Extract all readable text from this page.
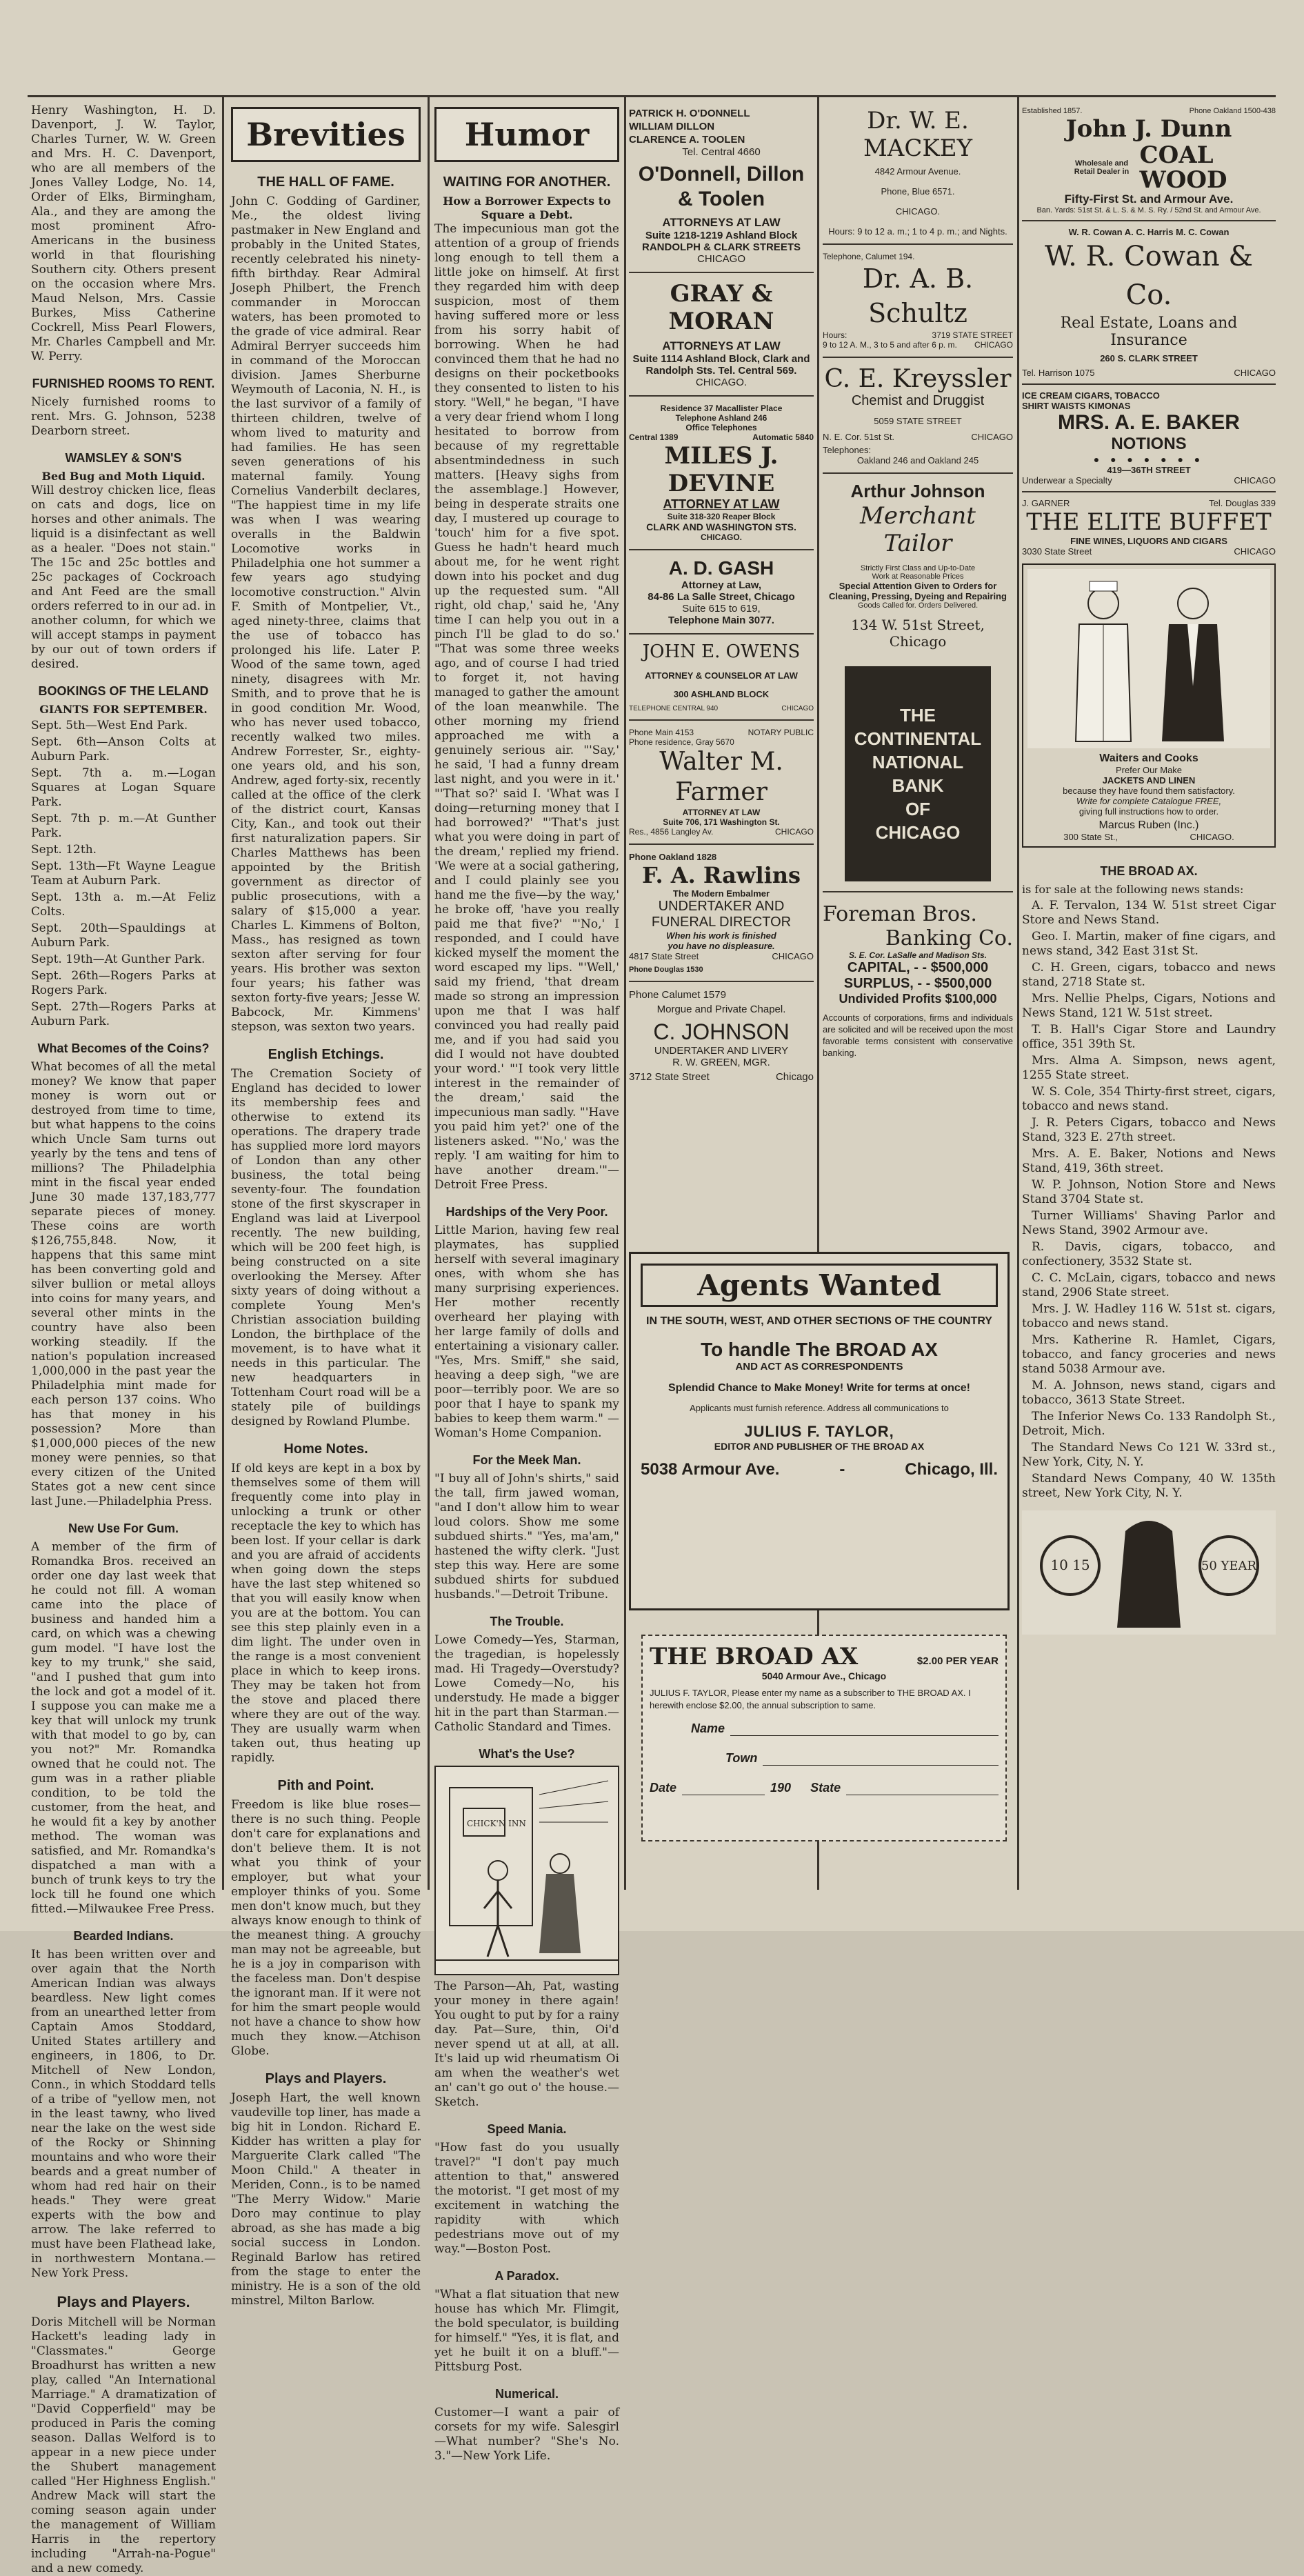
Henry Washington, H. D. Davenport, J. W. Taylor, Charles Turner, W. W. Green and Mrs. H. C. Davenport, who are all members of the Jones Valley Lodge, No. 14, Order of Elks, Birmingham, Ala., and they are among the most prominent Afro-Americans in the business world in that flourishing Southern city. Others present on the occasion where Mrs. Maud Nelson, Mrs. Cassie Burkes, Miss Catherine Cockrell, Miss Pearl Flowers, Mr. Charles Campbell and Mr. W. Perry.

FURNISHED ROOMS TO RENT.

Nicely furnished rooms to rent. Mrs. G. Johnson, 5238 Dearborn street.

WAMSLEY & SON'S
Bed Bug and Moth Liquid.

Will destroy chicken lice, fleas on cats and dogs, lice on horses and other animals. The liquid is a disinfectant as well as a healer. "Does not stain." The 15c and 25c bottles and 25c packages of Cockroach and Ant Feed are the small orders referred to in our ad. in another column, for which we will accept stamps in payment by our out of town orders if desired.

BOOKINGS OF THE LELAND
GIANTS FOR SEPTEMBER.
Sept. 5th—West End Park.
Sept. 6th—Anson Colts at Auburn Park.
Sept. 7th a. m.—Logan Squares at Logan Square Park.
Sept. 7th p. m.—At Gunther Park.
Sept. 12th.
Sept. 13th—Ft Wayne League Team at Auburn Park.
Sept. 13th a. m.—At Feliz Colts.
Sept. 20th—Spauldings at Auburn Park.
Sept. 19th—At Gunther Park.
Sept. 26th—Rogers Parks at Rogers Park.
Sept. 27th—Rogers Parks at Auburn Park.
What Becomes of the Coins?

What becomes of all the metal money? We know that paper money is worn out or destroyed from time to time, but what happens to the coins which Uncle Sam turns out yearly by the tens and tens of millions? The Philadelphia mint in the fiscal year ended June 30 made 137,183,777 separate pieces of money. These coins are worth $126,755,848. Now, it happens that this same mint has been converting gold and silver bullion or metal alloys into coins for many years, and several other mints in the country have also been working steadily. If the nation's population increased 1,000,000 in the past year the Philadelphia mint made for each person 137 coins. Who has that money in his possession? More than $1,000,000 pieces of the new money were pennies, so that every citizen of the United States got a new cent since last June.—Philadelphia Press.

New Use For Gum.

A member of the firm of Romandka Bros. received an order one day last week that he could not fill. A woman came into the place of business and handed him a card, on which was a chewing gum model. "I have lost the key to my trunk," she said, "and I pushed that gum into the lock and got a model of it. I suppose you can make me a key that will unlock my trunk with that model to go by, can you not?" Mr. Romandka owned that he could not. The gum was in a rather pliable condition, to be told the customer, from the heat, and he would fit a key by another method. The woman was satisfied, and Mr. Romandka's dispatched a man with a bunch of trunk keys to try the lock till he found one which fitted.—Milwaukee Free Press.

Bearded Indians.

It has been written over and over again that the North American Indian was always beardless. New light comes from an unearthed letter from Captain Amos Stoddard, United States artillery and engineers, in 1806, to Dr. Mitchell of New London, Conn., in which Stoddard tells of a tribe of "yellow men, not in the least tawny, who lived near the lake on the west side of the Rocky or Shinning mountains and who wore their beards and a great number of whom had red hair on their heads." They were great experts with the bow and arrow. The lake referred to must have been Flathead lake, in northwestern Montana.—New York Press.

Plays and Players.

Doris Mitchell will be Norman Hackett's leading lady in "Classmates." George Broadhurst has written a new play, called "An International Marriage." A dramatization of "David Copperfield" may be produced in Paris the coming season. Dallas Welford is to appear in a new piece under the Shubert management called "Her Highness English." Andrew Mack will start the coming season again under the management of William Harris in the repertory including "Arrah-na-Pogue" and a new comedy.

Brevities
THE HALL OF FAME.

John C. Godding of Gardiner, Me., the oldest living pastmaker in New England and probably in the United States, recently celebrated his ninety-fifth birthday. Rear Admiral Joseph Philbert, the French commander in Moroccan waters, has been promoted to the grade of vice admiral. Rear Admiral Berryer succeeds him in command of the Moroccan division. James Sherburne Weymouth of Laconia, N. H., is the last survivor of a family of thirteen children, twelve of whom lived to maturity and had families. He has seen seven generations of his maternal family. Young Cornelius Vanderbilt declares, "The happiest time in my life was when I was wearing overalls in the Baldwin Locomotive works in Philadelphia one hot summer a few years ago studying locomotive construction." Alvin F. Smith of Montpelier, Vt., aged ninety-three, claims that the use of tobacco has prolonged his life. Later P. Wood of the same town, aged ninety, disagrees with Mr. Smith, and to prove that he is in good condition Mr. Wood, who has never used tobacco, recently walked two miles. Andrew Forrester, Sr., eighty-one years old, and his son, Andrew, aged forty-six, recently called at the office of the clerk of the district court, Kansas City, Kan., and took out their first naturalization papers. Sir Charles Matthews has been appointed by the British government as director of public prosecutions, with a salary of $15,000 a year. Charles L. Kimmens of Bolton, Mass., has resigned as town sexton after serving for four years. His brother was sexton four years; his father was sexton forty-five years; Jesse W. Babcock, Mr. Kimmens' stepson, was sexton two years.

English Etchings.

The Cremation Society of England has decided to lower its membership fees and otherwise to extend its operations. The drapery trade has supplied more lord mayors of London than any other business, the total being seventy-four. The foundation stone of the first skyscraper in England was laid at Liverpool recently. The new building, which will be 200 feet high, is being constructed on a site overlooking the Mersey. After sixty years of doing without a complete Young Men's Christian association building London, the birthplace of the movement, is to have what it needs in this particular. The new headquarters in Tottenham Court road will be a stately pile of buildings designed by Rowland Plumbe.

Home Notes.

If old keys are kept in a box by themselves some of them will frequently come into play in unlocking a trunk or other receptacle the key to which has been lost. If your cellar is dark and you are afraid of accidents when going down the steps have the last step whitened so that you will easily know when you are at the bottom. You can see this step plainly even in a dim light. The under oven in the range is a most convenient place in which to keep irons. They may be taken hot from the stove and placed there where they are out of the way. They are usually warm when taken out, thus heating up rapidly.

Pith and Point.

Freedom is like blue roses—there is no such thing. People don't care for explanations and don't believe them. It is not what you think of your employer, but what your employer thinks of you. Some men don't know much, but they always know enough to think of the meanest thing. A grouchy man may not be agreeable, but he is a joy in comparison with the faceless man. Don't despise the ignorant man. If it were not for him the smart people would not have a chance to show how much they know.—Atchison Globe.

Plays and Players.

Joseph Hart, the well known vaudeville top liner, has made a big hit in London. Richard E. Kidder has written a play for Marguerite Clark called "The Moon Child." A theater in Meriden, Conn., is to be named "The Merry Widow." Marie Doro may continue to play abroad, as she has made a big social success in London. Reginald Barlow has retired from the stage to enter the ministry. He is a son of the old minstrel, Milton Barlow.

Humor
WAITING FOR ANOTHER.
How a Borrower Expects to Square a Debt.

The impecunious man got the attention of a group of friends long enough to tell them a little joke on himself. At first they regarded him with deep suspicion, most of them having suffered more or less from his sorry habit of borrowing. When he had convinced them that he had no designs on their pocketbooks they consented to listen to his story. "Well," he began, "I have a very dear friend whom I long hesitated to borrow from because of my regrettable absentmindedness in such matters. [Heavy sighs from the assemblage.] However, being in desperate straits one day, I mustered up courage to 'touch' him for a five spot. Guess he hadn't heard much about me, for he went right down into his pocket and dug up the requested sum. "All right, old chap,' said he, 'Any time I can help you out in a pinch I'll be glad to do so.' "That was some three weeks ago, and of course I had tried to forget it, not having managed to gather the amount of the loan meanwhile. The other morning my friend approached me with a genuinely serious air. "'Say,' he said, 'I had a funny dream last night, and you were in it.' "'That so?' said I. 'What was I doing—returning money that I had borrowed?' "'That's just what you were doing in part of the dream,' replied my friend. 'We were at a social gathering, and I could plainly see you hand me the five—by the way,' he broke off, 'have you really paid me that five?' "'No,' I responded, and I could have kicked myself the moment the word escaped my lips. "'Well,' said my friend, 'that dream made so strong an impression upon me that I was half convinced you had really paid me, and if you had said you did I would not have doubted your word.' "'I took very little interest in the remainder of the dream,' said the impecunious man sadly. "'Have you paid him yet?' one of the listeners asked. "'No,' was the reply. 'I am waiting for him to have another dream.'"—Detroit Free Press.

Hardships of the Very Poor.

Little Marion, having few real playmates, has supplied herself with several imaginary ones, with whom she has many surprising experiences. Her mother recently overheard her playing with her large family of dolls and entertaining a visionary caller. "Yes, Mrs. Smiff," she said, heaving a deep sigh, "we are poor—terribly poor. We are so poor that I haye to spank my babies to keep them warm." —Woman's Home Companion.

For the Meek Man.

"I buy all of John's shirts," said the tall, firm jawed woman, "and I don't allow him to wear loud colors. Show me some subdued shirts." "Yes, ma'am," hastened the wifty clerk. "Just step this way. Here are some subdued shirts for subdued husbands."—Detroit Tribune.

The Trouble.

Lowe Comedy—Yes, Starman, the tragedian, is hopelessly mad. Hi Tragedy—Overstudy? Lowe Comedy—No, his understudy. He made a bigger hit in the part than Starman.—Catholic Standard and Times.

What's the Use?
CHICK'N INN

The Parson—Ah, Pat, wasting your money in there again! You ought to put by for a rainy day. Pat—Sure, thin, Oi'd never spend ut at all, at all. It's laid up wid rheumatism Oi am when the weather's wet an' can't go out o' the house.—Sketch.

Speed Mania.

"How fast do you usually travel?" "I don't pay much attention to that," answered the motorist. "I get most of my excitement in watching the rapidity with which pedestrians move out of my way."—Boston Post.

A Paradox.

"What a flat situation that new house has which Mr. Flimgit, the bold speculator, is building for himself." "Yes, it is flat, and yet he built it on a bluff."—Pittsburg Post.

Numerical.

Customer—I want a pair of corsets for my wife. Salesgirl—What number? "She's No. 3."—New York Life.

PATRICK H. O'DONNELL
WILLIAM DILLON
CLARENCE A. TOOLEN
Tel. Central 4660
O'Donnell, Dillon & Toolen
ATTORNEYS AT LAW
Suite 1218-1219 Ashland Block
RANDOLPH & CLARK STREETS
CHICAGO
GRAY & MORAN
ATTORNEYS AT LAW
Suite 1114 Ashland Block, Clark and Randolph Sts. Tel. Central 569.
CHICAGO.
Residence 37 Macallister Place
Telephone Ashland 246
Office Telephones
Central 1389	Automatic 5840
MILES J. DEVINE
ATTORNEY AT LAW
Suite 318-320 Reaper Block
CLARK AND WASHINGTON STS.
CHICAGO.
A. D. GASH
Attorney at Law,
84-86 La Salle Street, Chicago
Suite 615 to 619,
Telephone Main 3077.
JOHN E. OWENS
ATTORNEY & COUNSELOR AT LAW
300 ASHLAND BLOCK
TELEPHONE CENTRAL 940	CHICAGO
Phone Main 4153	NOTARY PUBLIC
Phone residence, Gray 5670
Walter M. Farmer
ATTORNEY AT LAW
Suite 706, 171 Washington St.
Res., 4856 Langley Av.	CHICAGO
Phone Oakland 1828
F. A. Rawlins
The Modern Embalmer
UNDERTAKER AND
FUNERAL DIRECTOR
When his work is finished
you have no displeasure.
4817 State Street	CHICAGO
Phone Douglas 1530
Phone Calumet 1579
Morgue and Private Chapel.
C. JOHNSON
UNDERTAKER AND LIVERY
R. W. GREEN, MGR.
3712 State Street	Chicago
Dr. W. E. MACKEY
4842 Armour Avenue.
Phone, Blue 6571.
CHICAGO.
Hours: 9 to 12 a. m.; 1 to 4 p. m.; and Nights.
Telephone, Calumet 194.
Dr. A. B. Schultz
Hours:	3719 STATE STREET
9 to 12 A. M., 3 to 5 and after 6 p. m. CHICAGO
C. E. Kreyssler
Chemist and Druggist
5059 STATE STREET
N. E. Cor. 51st St.	CHICAGO
Telephones:
Oakland 246 and Oakland 245
Arthur Johnson
Merchant Tailor
Strictly First Class and Up-to-Date
Work at Reasonable Prices
Special Attention Given to Orders for
Cleaning, Pressing, Dyeing and Repairing
Goods Called for. Orders Delivered.
134 W. 51st Street, Chicago
THE
CONTINENTAL
NATIONAL
BANK
OF
CHICAGO
Foreman Bros.
Banking Co.
S. E. Cor. LaSalle and Madison Sts.
CAPITAL, - - $500,000
SURPLUS, - - $500,000
Undivided Profits $100,000

Accounts of corporations, firms and individuals are solicited and will be received upon the most favorable terms consistent with conservative banking.

Established 1857.	Phone Oakland 1500-438
John J. Dunn
Wholesale and Retail Dealer in
COAL
WOOD
Fifty-First St. and Armour Ave.
Ban. Yards: 51st St. & L. S. & M. S. Ry. / 52nd St. and Armour Ave.
W. R. Cowan A. C. Harris M. C. Cowan
W. R. Cowan & Co.
Real Estate, Loans and Insurance
260 S. CLARK STREET
Tel. Harrison 1075	CHICAGO
ICE CREAM CIGARS, TOBACCO
SHIRT WAISTS KIMONAS
MRS. A. E. BAKER
NOTIONS
● ● ● ● ● ● ●
419—36TH STREET
Underwear a Specialty	CHICAGO
J. GARNER	Tel. Douglas 339
THE ELITE BUFFET
FINE WINES, LIQUORS AND CIGARS
3030 State Street	CHICAGO
Waiters and Cooks
Prefer Our Make
JACKETS AND LINEN
because they have found them satisfactory.
Write for complete Catalogue FREE,
giving full instructions how to order.
Marcus Ruben (Inc.)
300 State St.,	CHICAGO.
THE BROAD AX.
is for sale at the following news stands:
A. F. Tervalon, 134 W. 51st street Cigar Store and News Stand.
Geo. I. Martin, maker of fine cigars, and news stand, 342 East 31st St.
C. H. Green, cigars, tobacco and news stand, 2718 State st.
Mrs. Nellie Phelps, Cigars, Notions and News Stand, 121 W. 51st street.
T. B. Hall's Cigar Store and Laundry office, 351 39th St.
Mrs. Alma A. Simpson, news agent, 1255 State street.
W. S. Cole, 354 Thirty-first street, cigars, tobacco and news stand.
J. R. Peters Cigars, tobacco and News Stand, 323 E. 27th street.
Mrs. A. E. Baker, Notions and News Stand, 419, 36th street.
W. P. Johnson, Notion Store and News Stand 3704 State st.
Turner Williams' Shaving Parlor and News Stand, 3902 Armour ave.
R. Davis, cigars, tobacco, and confectionery, 3532 State st.
C. C. McLain, cigars, tobacco and news stand, 2906 State street.
Mrs. J. W. Hadley 116 W. 51st st. cigars, tobacco and news stand.
Mrs. Katherine R. Hamlet, Cigars, tobacco, and fancy groceries and news stand 5038 Armour ave.
M. A. Johnson, news stand, cigars and tobacco, 3613 State Street.
The Inferior News Co. 133 Randolph St., Detroit, Mich.
The Standard News Co 121 W. 33rd st., New York, City, N. Y.
Standard News Company, 40 W. 135th street, New York City, N. Y.
10 15	50 YEAR
Agents Wanted
IN THE SOUTH, WEST, AND OTHER SECTIONS OF THE COUNTRY
To handle The BROAD AX
AND ACT AS CORRESPONDENTS
Splendid Chance to Make Money! Write for terms at once!
Applicants must furnish reference. Address all communications to
JULIUS F. TAYLOR,
EDITOR AND PUBLISHER OF THE BROAD AX
5038 Armour Ave.	-	Chicago, Ill.
THE BROAD AX	$2.00 PER YEAR
5040 Armour Ave., Chicago

JULIUS F. TAYLOR, Please enter my name as a subscriber to THE BROAD AX. I herewith enclose $2.00, the annual subscription to same.

Name
Town
Date	190 State
